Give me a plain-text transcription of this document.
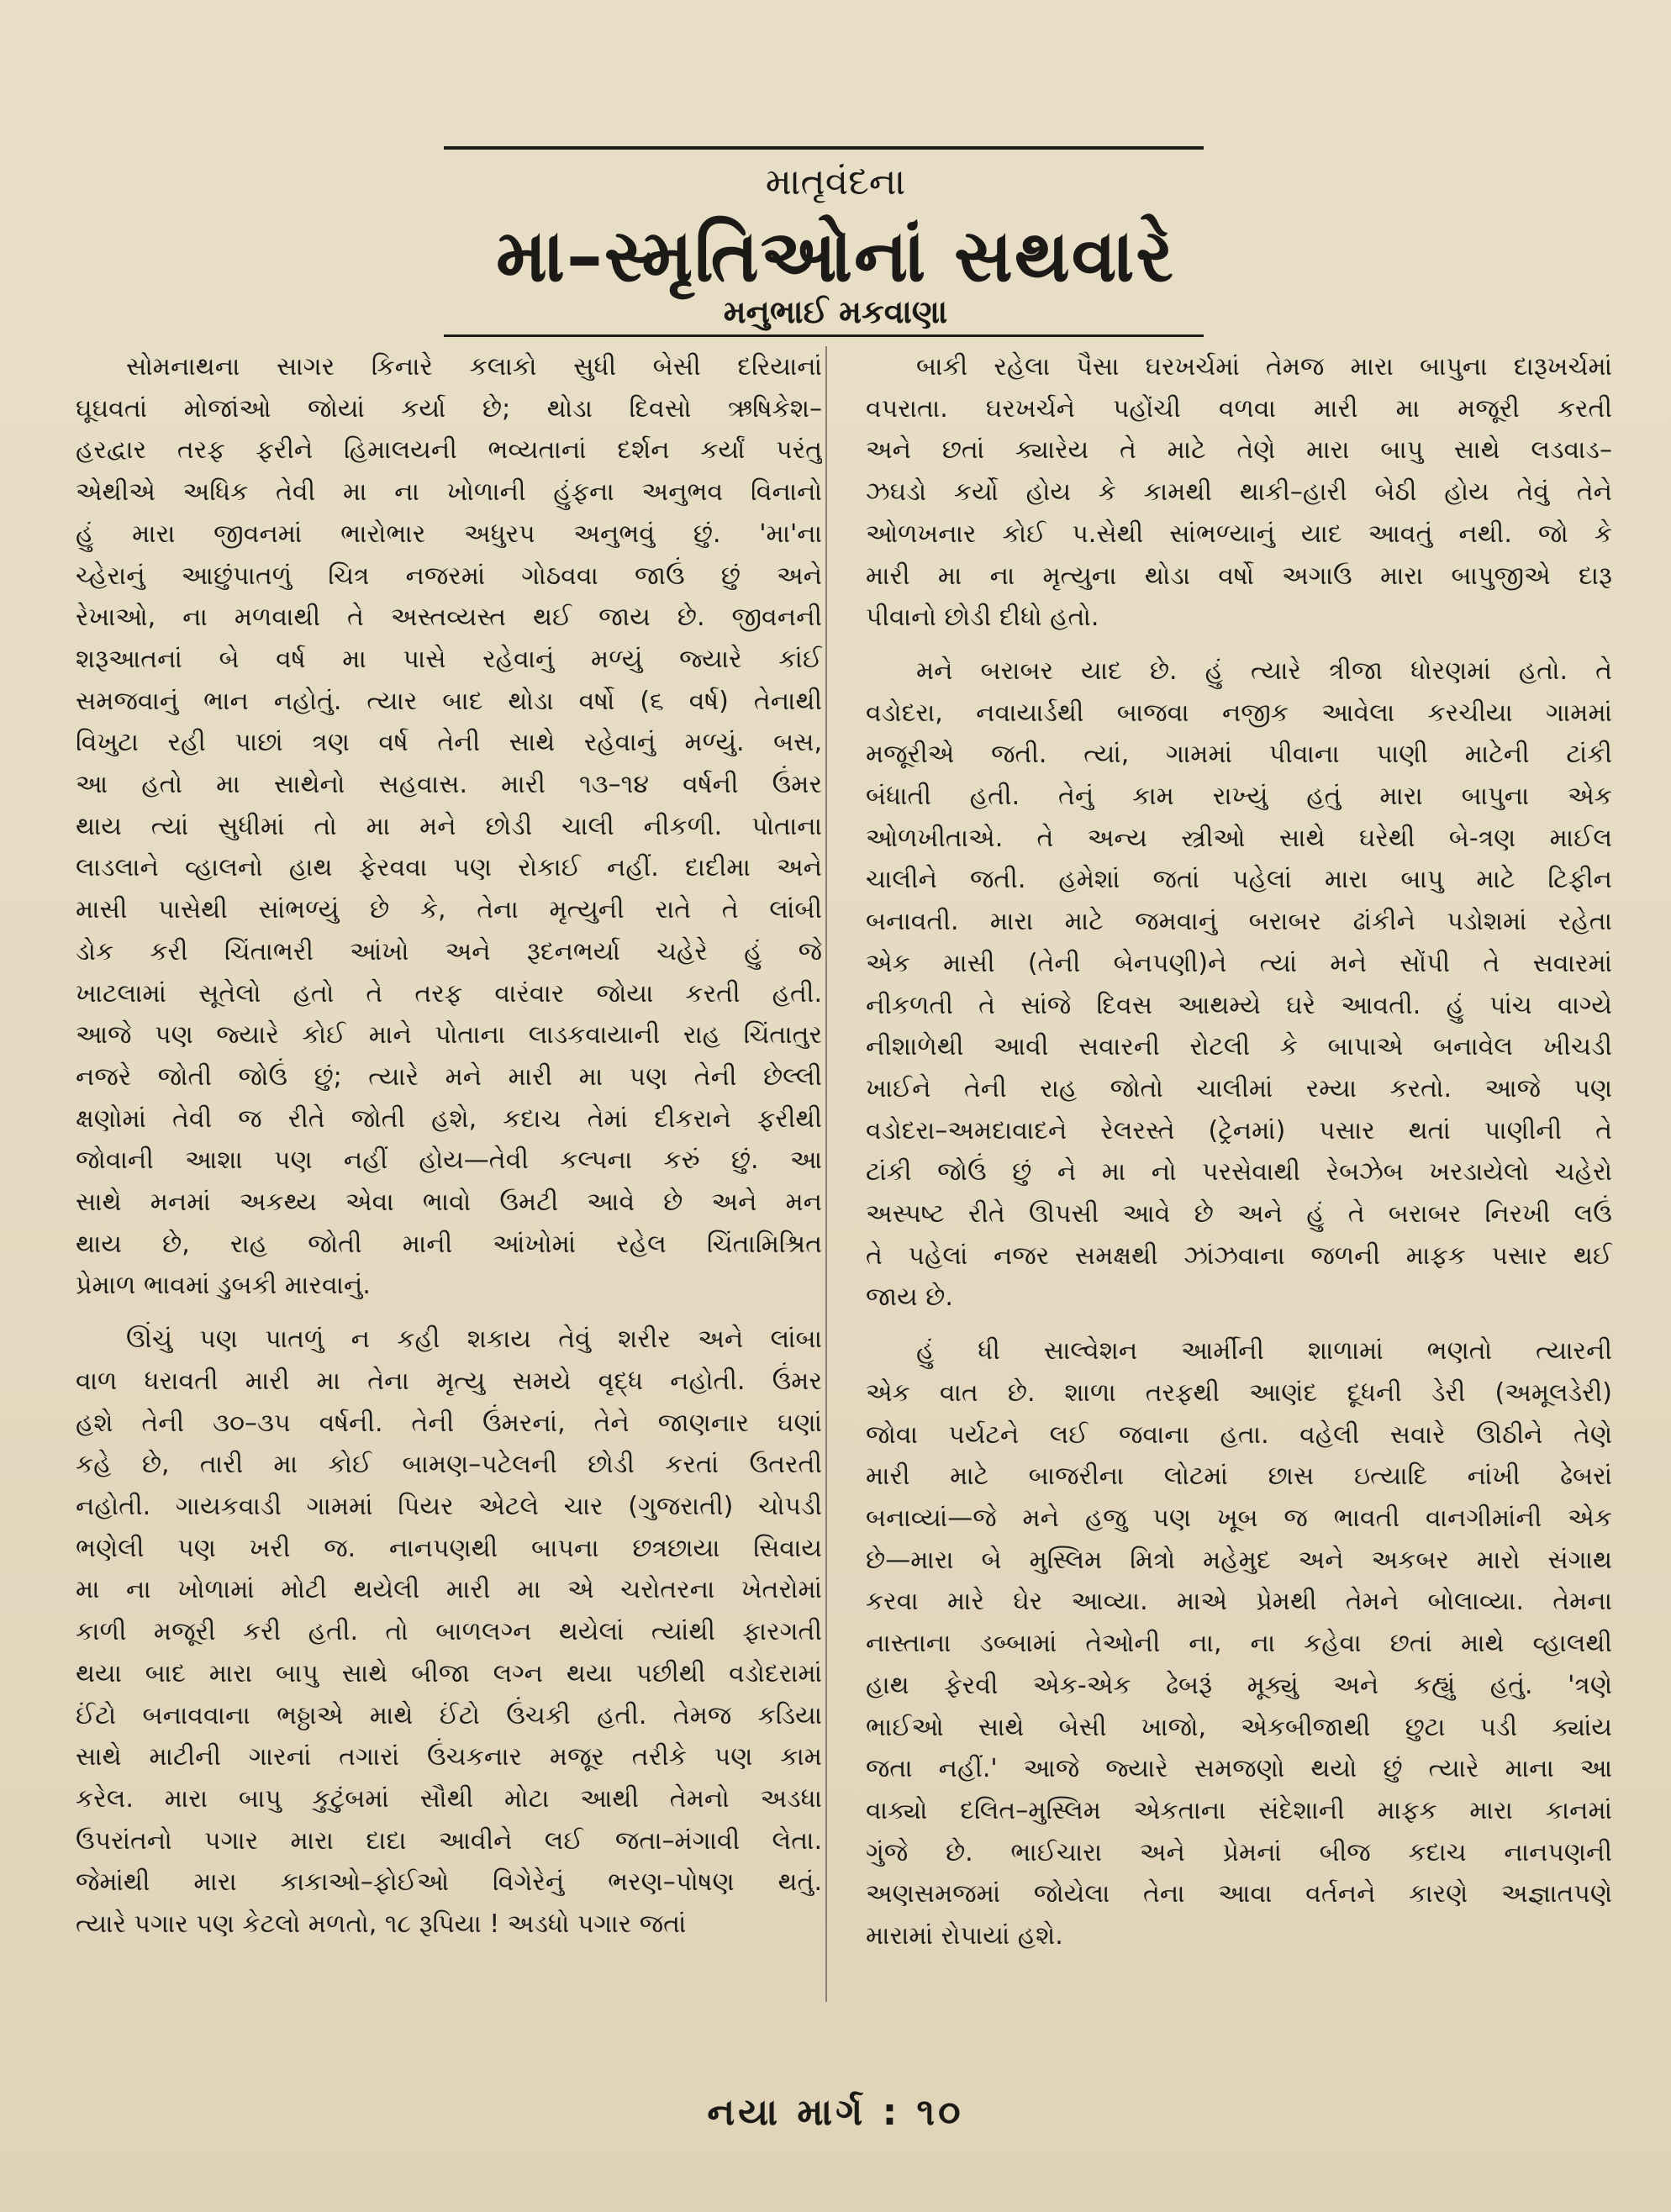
માતૃવંદના
મા–સ્મૃતિઓનાં સથવારે
મનુભાઈ મકવાણા

સોમનાથના સાગર કિનારે કલાકો સુધી બેસી દરિયાનાં
ઘૂઘવતાં મોજાંઓ જોયાં કર્યા છે; થોડા દિવસો ઋષિકેશ–
હરદ્વાર તરફ ફરીને હિમાલયની ભવ્યતાનાં દર્શન કર્યાં પરંતુ
એથીએ અધિક તેવી મા ના ખોળાની હુંફના અનુભવ વિનાનો
હું મારા જીવનમાં ભારોભાર અધુરપ અનુભવું છું. 'મા'ના
ચ્હેરાનું આછુંપાતળું ચિત્ર નજરમાં ગોઠવવા જાઉં છું અને
રેખાઓ, ના મળવાથી તે અસ્તવ્યસ્ત થઈ જાય છે. જીવનની
શરૂઆતનાં બે વર્ષ મા પાસે રહેવાનું મળ્યું જ્યારે કાંઈ
સમજવાનું ભાન નહોતું. ત્યાર બાદ થોડા વર્ષો (૬ વર્ષ) તેનાથી
વિખુટા રહી પાછાં ત્રણ વર્ષ તેની સાથે રહેવાનું મળ્યું. બસ,
આ હતો મા સાથેનો સહવાસ. મારી ૧૩–૧૪ વર્ષની ઉંમર
થાય ત્યાં સુધીમાં તો મા મને છોડી ચાલી નીકળી. પોતાના
લાડલાને વ્હાલનો હાથ ફેરવવા પણ રોકાઈ નહીં. દાદીમા અને
માસી પાસેથી સાંભળ્યું છે કે, તેના મૃત્યુની રાતે તે લાંબી
ડોક કરી ચિંતાભરી આંખો અને રૂદનભર્યા ચહેરે હું જે
ખાટલામાં સૂતેલો હતો તે તરફ વારંવાર જોયા કરતી હતી.
આજે પણ જ્યારે કોઈ માને પોતાના લાડકવાયાની રાહ ચિંતાતુર
નજરે જોતી જોઉં છું; ત્યારે મને મારી મા પણ તેની છેલ્લી
ક્ષણોમાં તેવી જ રીતે જોતી હશે, કદાચ તેમાં દીકરાને ફરીથી
જોવાની આશા પણ નહીં હોય—તેવી કલ્પના કરું છું. આ
સાથે મનમાં અકથ્ય એવા ભાવો ઉમટી આવે છે અને મન
થાય છે, રાહ જોતી માની આંખોમાં રહેલ ચિંતામિશ્રિત
પ્રેમાળ ભાવમાં ડુબકી મારવાનું.

ઊંચું પણ પાતળું ન કહી શકાય તેવું શરીર અને લાંબા
વાળ ધરાવતી મારી મા તેના મૃત્યુ સમયે વૃદ્ધ નહોતી. ઉંમર
હશે તેની ૩૦–૩૫ વર્ષની. તેની ઉંમરનાં, તેને જાણનાર ઘણાં
કહે છે, તારી મા કોઈ બામણ–પટેલની છોડી કરતાં ઉતરતી
નહોતી. ગાયકવાડી ગામમાં પિયર એટલે ચાર (ગુજરાતી) ચોપડી
ભણેલી પણ ખરી જ. નાનપણથી બાપના છત્રછાયા સિવાય
મા ના ખોળામાં મોટી થયેલી મારી મા એ ચરોતરના ખેતરોમાં
કાળી મજૂરી કરી હતી. તો બાળલગ્ન થયેલાં ત્યાંથી ફારગતી
થયા બાદ મારા બાપુ સાથે બીજા લગ્ન થયા પછીથી વડોદરામાં
ઈંટો બનાવવાના ભઠ્ઠાએ માથે ઈંટો ઉંચકી હતી. તેમજ કડિયા
સાથે માટીની ગારનાં તગારાં ઉંચકનાર મજૂર તરીકે પણ કામ
કરેલ. મારા બાપુ કુટુંબમાં સૌથી મોટા આથી તેમનો અડધા
ઉપરાંતનો પગાર મારા દાદા આવીને લઈ જતા–મંગાવી લેતા.
જેમાંથી મારા કાકાઓ–ફોઈઓ વિગેરેનું ભરણ–પોષણ થતું.
ત્યારે પગાર પણ કેટલો મળતો, ૧૮ રૂપિયા ! અડધો પગાર જતાં

બાકી રહેલા પૈસા ઘરખર્ચમાં તેમજ મારા બાપુના દારૂખર્ચમાં
વપરાતા. ઘરખર્ચને પહોંચી વળવા મારી મા મજૂરી કરતી
અને છતાં ક્યારેય તે માટે તેણે મારા બાપુ સાથે લડવાડ–
ઝઘડો કર્યો હોય કે કામથી થાકી–હારી બેઠી હોય તેવું તેને
ઓળખનાર કોઈ પ.સેથી સાંભળ્યાનું યાદ આવતું નથી. જો કે
મારી મા ના મૃત્યુના થોડા વર્ષો અગાઉ મારા બાપુજીએ દારૂ
પીવાનો છોડી દીધો હતો.

મને બરાબર યાદ છે. હું ત્યારે ત્રીજા ધોરણમાં હતો. તે
વડોદરા, નવાયાર્ડથી બાજવા નજીક આવેલા કરચીયા ગામમાં
મજૂરીએ જતી. ત્યાં, ગામમાં પીવાના પાણી માટેની ટાંકી
બંધાતી હતી. તેનું કામ રાખ્યું હતું મારા બાપુના એક
ઓળખીતાએ. તે અન્ય સ્ત્રીઓ સાથે ઘરેથી બે-ત્રણ માઈલ
ચાલીને જતી. હમેશાં જતાં પહેલાં મારા બાપુ માટે ટિફીન
બનાવતી. મારા માટે જમવાનું બરાબર ઢાંકીને પડોશમાં રહેતા
એક માસી (તેની બેનપણી)ને ત્યાં મને સોંપી તે સવારમાં
નીકળતી તે સાંજે દિવસ આથમ્યે ઘરે આવતી. હું પાંચ વાગ્યે
નીશાળેથી આવી સવારની રોટલી કે બાપાએ બનાવેલ ખીચડી
ખાઈને તેની રાહ જોતો ચાલીમાં રમ્યા કરતો. આજે પણ
વડોદરા–અમદાવાદને રેલરસ્તે (ટ્રેનમાં) પસાર થતાં પાણીની તે
ટાંકી જોઉં છું ને મા નો પરસેવાથી રેબઝેબ ખરડાયેલો ચહેરો
અસ્પષ્ટ રીતે ઊપસી આવે છે અને હું તે બરાબર નિરખી લઉં
તે પહેલાં નજર સમક્ષથી ઝાંઝવાના જળની માફક પસાર થઈ
જાય છે.

હું ધી સાલ્વેશન આર્મીની શાળામાં ભણતો ત્યારની
એક વાત છે. શાળા તરફથી આણંદ દૂધની ડેરી (અમૂલડેરી)
જોવા પર્યટને લઈ જવાના હતા. વહેલી સવારે ઊઠીને તેણે
મારી માટે બાજરીના લોટમાં છાસ ઇત્યાદિ નાંખી ઢેબરાં
બનાવ્યાં—જે મને હજુ પણ ખૂબ જ ભાવતી વાનગીમાંની એક
છે—મારા બે મુસ્લિમ મિત્રો મહેમુદ અને અકબર મારો સંગાથ
કરવા મારે ઘેર આવ્યા. માએ પ્રેમથી તેમને બોલાવ્યા. તેમના
નાસ્તાના ડબ્બામાં તેઓની ના, ના કહેવા છતાં માથે વ્હાલથી
હાથ ફેરવી એક-એક ઢેબરૂં મૂક્યું અને કહ્યું હતું. 'ત્રણે
ભાઈઓ સાથે બેસી ખાજો, એકબીજાથી છુટા પડી ક્યાંય
જતા નહીં.' આજે જ્યારે સમજણો થયો છું ત્યારે માના આ
વાક્યો દલિત–મુસ્લિમ એકતાના સંદેશાની માફક મારા કાનમાં
ગુંજે છે. ભાઈચારા અને પ્રેમનાં બીજ કદાચ નાનપણની
અણસમજમાં જોયેલા તેના આવા વર્તનને કારણે અજ્ઞાતપણે
મારામાં રોપાયાં હશે.

નયા માર્ગ : ૧૦
